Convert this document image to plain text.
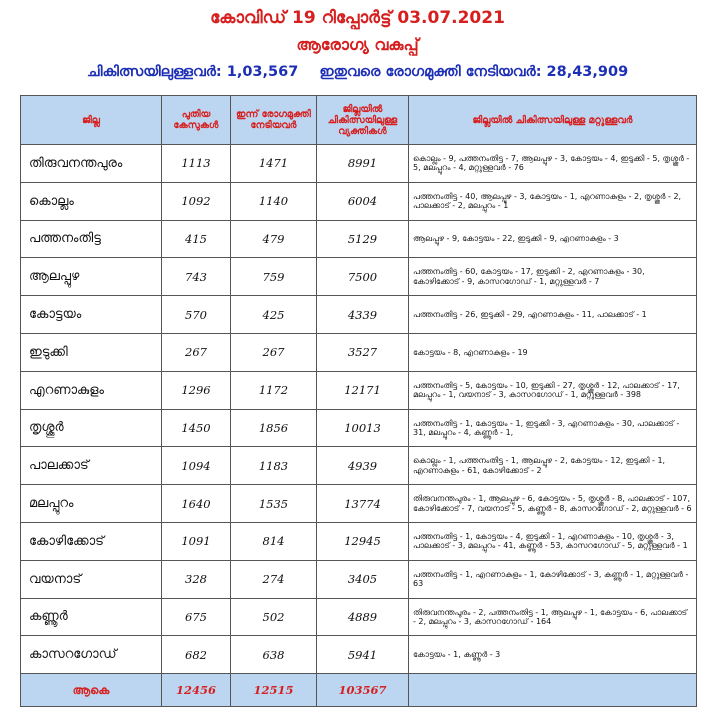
കോവിഡ് 19 റിപ്പോർട്ട് 03.07.2021
ആരോഗ്യ വകുപ്പ്
ചികിത്സയിലുള്ളവർ: 1,03,567 ഇതുവരെ രോഗമുക്തി നേടിയവർ: 28,43,909
ജില്ല	പുതിയ കേസുകൾ	ഇന്ന് രോഗമുക്തി നേടിയവർ	ജില്ലയിൽ ചികിത്സയിലുള്ള വ്യക്തികൾ	ജില്ലയിൽ ചികിത്സയിലുള്ള മറ്റുള്ളവർ
തിരുവനന്തപുരം	1113	1471	8991	കൊല്ലം - 9, പത്തനംതിട്ട - 7, ആലപ്പുഴ - 3, കോട്ടയം - 4, ഇടുക്കി - 5, തൃശ്ശൂർ - 5, മലപ്പുറം - 4, മറ്റുള്ളവർ - 76
കൊല്ലം	1092	1140	6004	പത്തനംതിട്ട - 40, ആലപ്പുഴ - 3, കോട്ടയം - 1, എറണാകുളം - 2, തൃശ്ശൂർ - 2, പാലക്കാട് - 2, മലപ്പുറം - 1
പത്തനംതിട്ട	415	479	5129	ആലപ്പുഴ - 9, കോട്ടയം - 22, ഇടുക്കി - 9, എറണാകുളം - 3
ആലപ്പുഴ	743	759	7500	പത്തനംതിട്ട - 60, കോട്ടയം - 17, ഇടുക്കി - 2, എറണാകുളം - 30, കോഴിക്കോട് - 9, കാസറഗോഡ് - 1, മറ്റുള്ളവർ - 7
കോട്ടയം	570	425	4339	പത്തനംതിട്ട - 26, ഇടുക്കി - 29, എറണാകുളം - 11, പാലക്കാട് - 1
ഇടുക്കി	267	267	3527	കോട്ടയം - 8, എറണാകുളം - 19
എറണാകുളം	1296	1172	12171	പത്തനംതിട്ട - 5, കോട്ടയം - 10, ഇടുക്കി - 27, തൃശ്ശൂർ - 12, പാലക്കാട് - 17, മലപ്പുറം - 1, വയനാട് - 3, കാസറഗോഡ് - 1, മറ്റുള്ളവർ - 398
തൃശ്ശൂർ	1450	1856	10013	പത്തനംതിട്ട - 1, കോട്ടയം - 1, ഇടുക്കി - 3, എറണാകുളം - 30, പാലക്കാട് - 31, മലപ്പുറം - 4, കണ്ണൂർ - 1,
പാലക്കാട്	1094	1183	4939	കൊല്ലം - 1, പത്തനംതിട്ട - 1, ആലപ്പുഴ - 2, കോട്ടയം - 12, ഇടുക്കി - 1, എറണാകുളം - 61, കോഴിക്കോട് - 2
മലപ്പുറം	1640	1535	13774	തിരുവനന്തപുരം - 1, ആലപ്പുഴ - 6, കോട്ടയം - 5, തൃശ്ശൂർ - 8, പാലക്കാട് - 107, കോഴിക്കോട് - 7, വയനാട് - 5, കണ്ണൂർ - 8, കാസറഗോഡ് - 2, മറ്റുള്ളവർ - 6
കോഴിക്കോട്	1091	814	12945	പത്തനംതിട്ട - 1, കോട്ടയം - 4, ഇടുക്കി - 1, എറണാകുളം - 10, തൃശ്ശൂർ - 3, പാലക്കാട് - 3, മലപ്പുറം - 41, കണ്ണൂർ - 53, കാസറഗോഡ് - 5, മറ്റുള്ളവർ - 1
വയനാട്	328	274	3405	പത്തനംതിട്ട - 1, എറണാകുളം - 1, കോഴിക്കോട് - 3, കണ്ണൂർ - 1, മറ്റുള്ളവർ - 63
കണ്ണൂർ	675	502	4889	തിരുവനന്തപുരം - 2, പത്തനംതിട്ട - 1, ആലപ്പുഴ - 1, കോട്ടയം - 6, പാലക്കാട് - 2, മലപ്പുറം - 3, കാസറഗോഡ് - 164
കാസറഗോഡ്	682	638	5941	കോട്ടയം - 1, കണ്ണൂർ - 3
ആകെ	12456	12515	103567	
